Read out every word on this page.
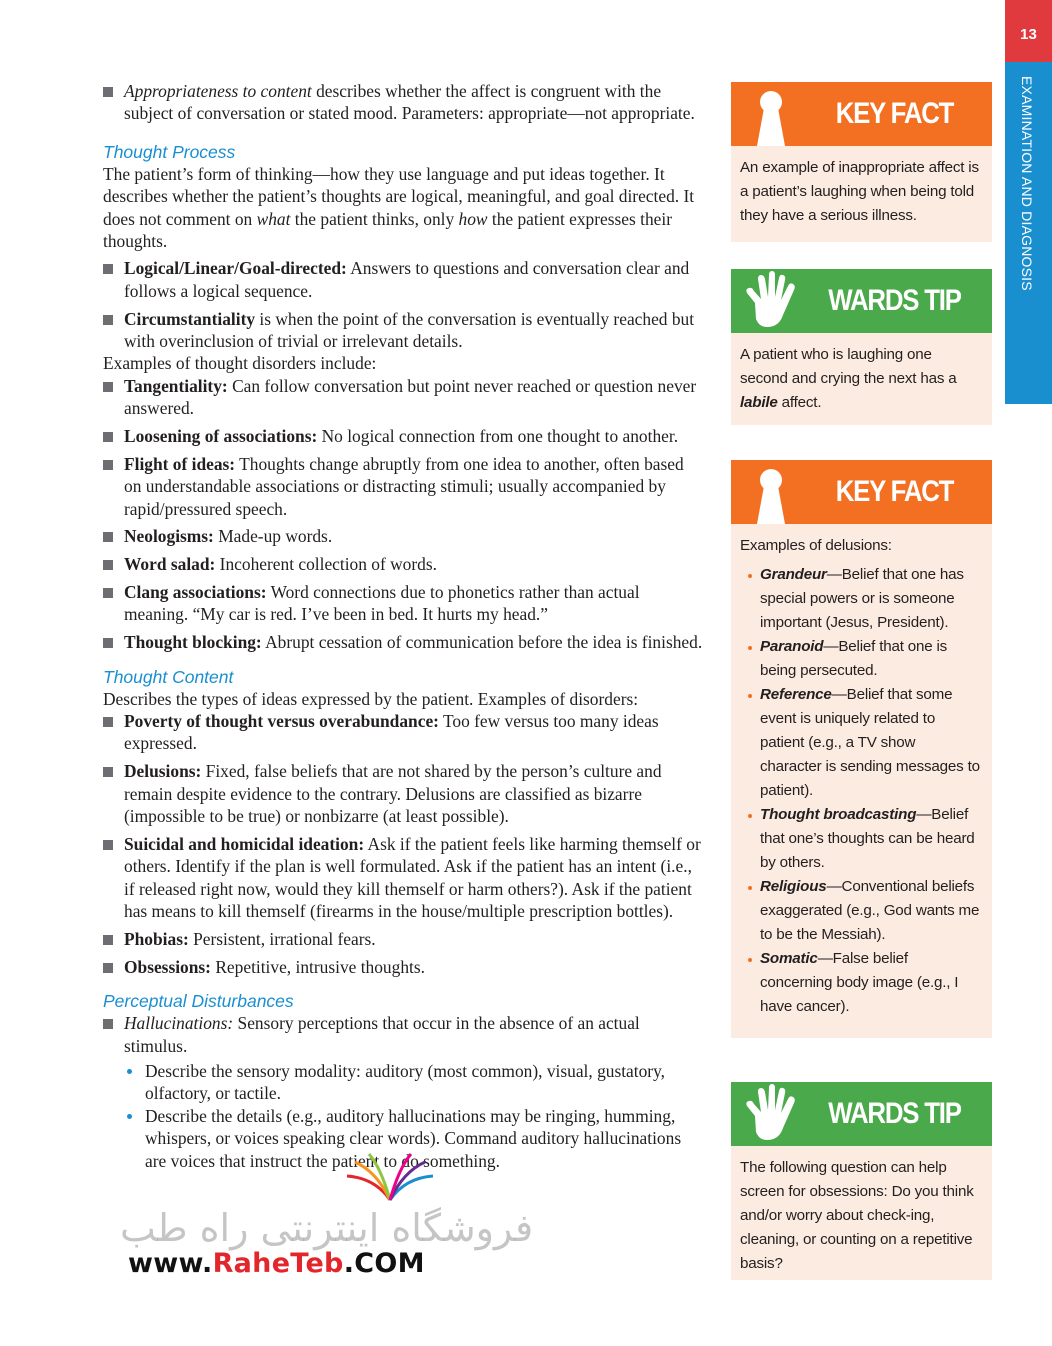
13
EXAMINATION AND DIAGNOSIS
Appropriateness to content describes whether the affect is congruent with the subject of conversation or stated mood. Parameters: appropriate—not appropriate.

Thought Process

The patient’s form of thinking—how they use language and put ideas together. It describes whether the patient’s thoughts are logical, meaningful, and goal directed. It does not comment on what the patient thinks, only how the patient expresses their thoughts.

Logical/Linear/Goal-directed: Answers to questions and conversation clear and follows a logical sequence.
Circumstantiality is when the point of the conversation is eventually reached but with overinclusion of trivial or irrelevant details.

Examples of thought disorders include:

Tangentiality: Can follow conversation but point never reached or question never answered.
Loosening of associations: No logical connection from one thought to another.
Flight of ideas: Thoughts change abruptly from one idea to another, often based on understandable associations or distracting stimuli; usually accompanied by rapid/pressured speech.
Neologisms: Made-up words.
Word salad: Incoherent collection of words.
Clang associations: Word connections due to phonetics rather than actual meaning. “My car is red. I’ve been in bed. It hurts my head.”
Thought blocking: Abrupt cessation of communication before the idea is finished.

Thought Content

Describes the types of ideas expressed by the patient. Examples of disorders:

Poverty of thought versus overabundance: Too few versus too many ideas expressed.
Delusions: Fixed, false beliefs that are not shared by the person’s culture and remain despite evidence to the contrary. Delusions are classified as bizarre (impossible to be true) or nonbizarre (at least possible).
Suicidal and homicidal ideation: Ask if the patient feels like harming themself or others. Identify if the plan is well formulated. Ask if the patient has an intent (i.e., if released right now, would they kill themself or harm others?). Ask if the patient has means to kill themself (firearms in the house/multiple prescription bottles).
Phobias: Persistent, irrational fears.
Obsessions: Repetitive, intrusive thoughts.

Perceptual Disturbances

Hallucinations: Sensory perceptions that occur in the absence of an actual stimulus.
Describe the sensory modality: auditory (most common), visual, gustatory, olfactory, or tactile.
Describe the details (e.g., auditory hallucinations may be ringing, humming, whispers, or voices speaking clear words). Command auditory hallucinations are voices that instruct the patient to do something.
KEY FACT
An example of inappropriate affect is a patient’s laughing when being told they have a serious illness.
WARDS TIP
A patient who is laughing one second and crying the next has a labile affect.
KEY FACT
Examples of delusions:
Grandeur—Belief that one has special powers or is someone important (Jesus, President).
Paranoid—Belief that one is being persecuted.
Reference—Belief that some event is uniquely related to patient (e.g., a TV show character is sending messages to patient).
Thought broadcasting—Belief that one’s thoughts can be heard by others.
Religious—Conventional beliefs exaggerated (e.g., God wants me to be the Messiah).
Somatic—False belief concerning body image (e.g., I have cancer).
WARDS TIP
The following question can help screen for obsessions: Do you think and/or worry about check-ing, cleaning, or counting on a repetitive basis?
فروشگاه اینترنتی راه طب
www.RaheTeb.COM
